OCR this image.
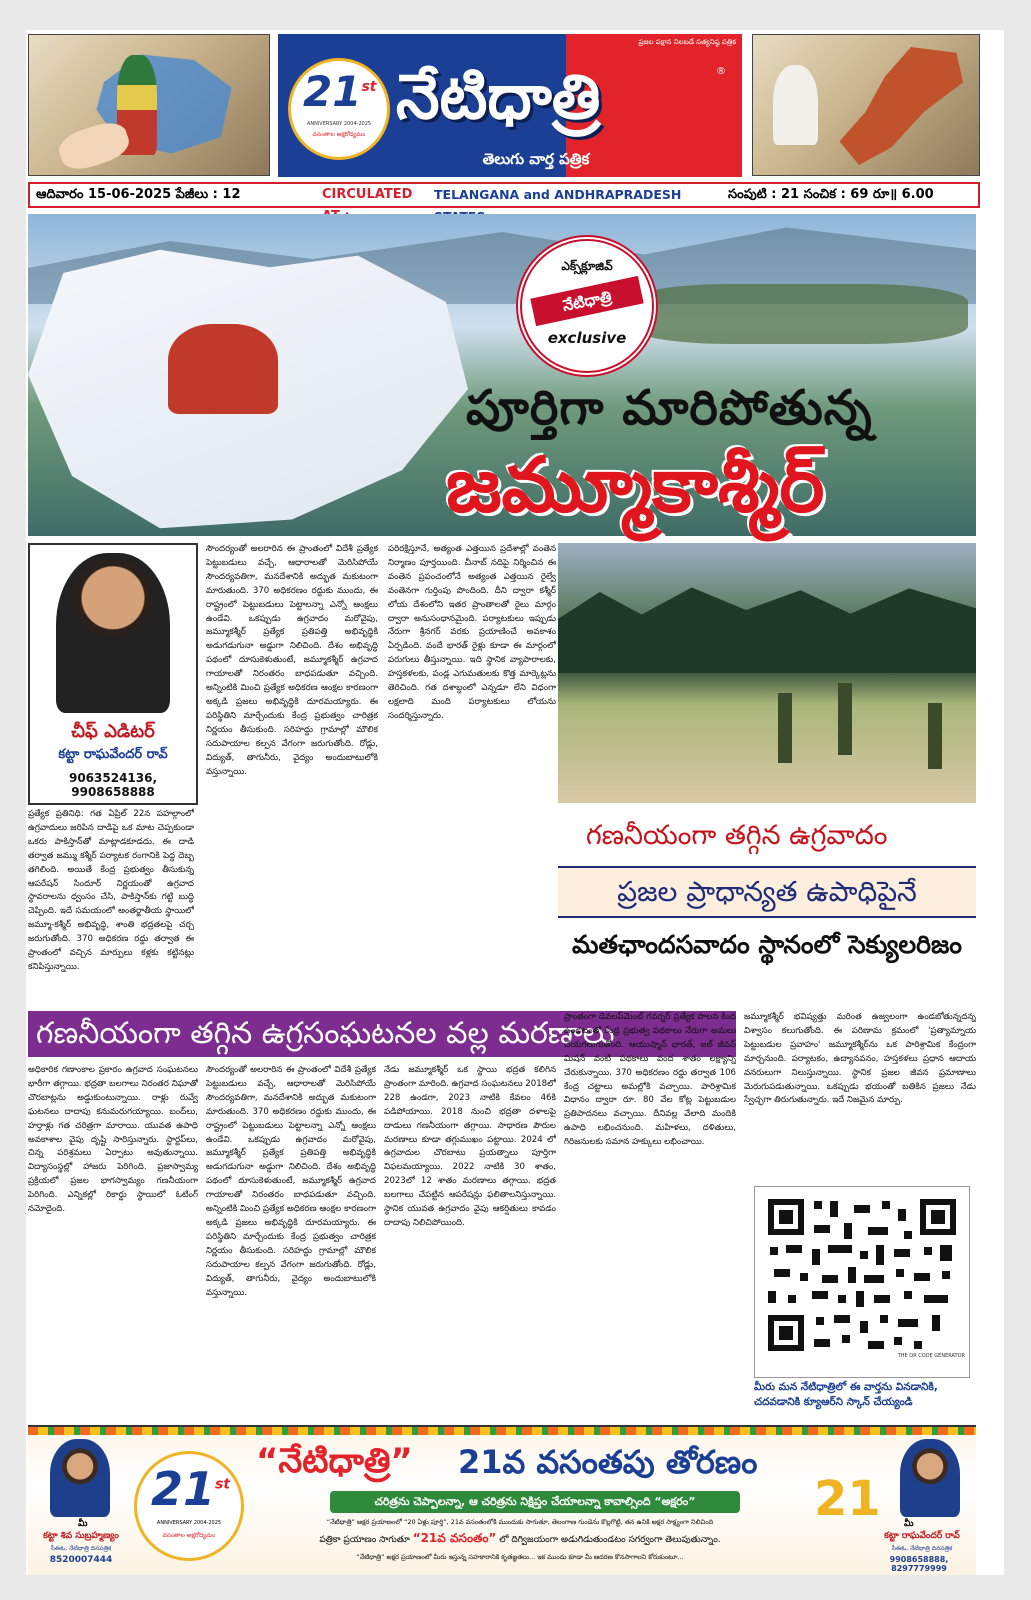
ప్రజల పక్షాన నిలబడే సత్యనిష్ఠ పత్రిక
21st
ANNIVERSARY 2004-2025
వసంతాల అక్షరోద్యమం
నేటిధాత్రి
తెలుగు వార్త పత్రిక
®
ఆదివారం 15-06-2025 పేజీలు : 12	CIRCULATED	TELANGANA and ANDHRAPRADESH	సంపుటి : 21 సంచిక : 69 రూ॥ 6.00
ఎక్స్‌క్లూజివ్
నేటిధాత్రి
exclusive
పూర్తిగా మారిపోతున్న
జమ్మూకాశ్మీర్
చీఫ్ ఎడిటర్
కట్టా రాఘవేందర్ రావ్
9063524136, 9908658888
ప్రత్యేక ప్రతినిధి: గత ఏప్రిల్ 22న పహల్గాంలో ఉగ్రవాదులు జరిపిన దాడిపై ఒక మాట చెప్పకుండా ఒకరు పాకిస్తాన్‌తో మాట్లాడకూడదు. ఈ దాడి తర్వాత జమ్ము కశ్మీర్ పర్యాటక రంగానికి పెద్ద దెబ్బ తగిలింది. అయితే కేంద్ర ప్రభుత్వం తీసుకున్న ఆపరేషన్ సిందూర్ నిర్ణయంతో ఉగ్రవాద స్థావరాలను ధ్వంసం చేసి, పాకిస్తాన్‌కు గట్టి బుద్ధి చెప్పింది. ఇదే సమయంలో అంతర్జాతీయ స్థాయిలో జమ్మూ-కశ్మీర్ అభివృద్ధి, శాంతి భద్రతలపై చర్చ జరుగుతోంది. 370 అధికరణ రద్దు తర్వాత ఈ ప్రాంతంలో వచ్చిన మార్పులు కళ్లకు కట్టినట్లు కనిపిస్తున్నాయి.
సౌందర్యంతో అలరారిన ఈ ప్రాంతంలో విదేశీ ప్రత్యేక పెట్టుబడులు వచ్చే, ఆధారాలతో మెరిసిపోయే సౌందర్యవతిగా, మనదేశానికి అద్భుత మకుటంగా మారుతుంది. 370 అధికరణం రద్దుకు ముందు, ఈ రాష్ట్రంలో పెట్టుబడులు పెట్టాలన్నా ఎన్నో ఆంక్షలు ఉండేవి. ఒకప్పుడు ఉగ్రవాదం మరోవైపు, జమ్మూకశ్మీర్ ప్రత్యేక ప్రతిపత్తి అభివృద్ధికి అడుగడుగునా అడ్డుగా నిలిచింది. దేశం అభివృద్ధి పథంలో దూసుకెళుతుంటే, జమ్మూకశ్మీర్ ఉగ్రవాద గాయాలతో నిరంతరం బాధపడుతూ వచ్చింది. అన్నింటికి మించి ప్రత్యేక అధికరణ ఆంక్షల కారణంగా అక్కడి ప్రజలు అభివృద్ధికి దూరమయ్యారు. ఈ పరిస్థితిని మార్చేందుకు కేంద్ర ప్రభుత్వం చారిత్రక నిర్ణయం తీసుకుంది. సరిహద్దు గ్రామాల్లో మౌలిక సదుపాయాల కల్పన వేగంగా జరుగుతోంది. రోడ్లు, విద్యుత్, తాగునీరు, వైద్యం అందుబాటులోకి వస్తున్నాయి.
పరిరక్షిస్తూనే, అత్యంత ఎత్తయిన ప్రదేశాల్లో వంతెన నిర్మాణం పూర్తయింది. చీనాబ్ నదిపై నిర్మించిన ఈ వంతెన ప్రపంచంలోనే అత్యంత ఎత్తయిన రైల్వే వంతెనగా గుర్తింపు పొందింది. దీని ద్వారా కశ్మీర్ లోయ దేశంలోని ఇతర ప్రాంతాలతో రైలు మార్గం ద్వారా అనుసంధానమైంది. పర్యాటకులు ఇప్పుడు నేరుగా శ్రీనగర్ వరకు ప్రయాణించే అవకాశం ఏర్పడింది. వందే భారత్ రైళ్లు కూడా ఈ మార్గంలో పరుగులు తీస్తున్నాయి. ఇది స్థానిక వ్యాపారాలకు, హస్తకళలకు, పండ్ల ఎగుమతులకు కొత్త మార్కెట్లను తెరిచింది. గత దశాబ్దంలో ఎన్నడూ లేని విధంగా లక్షలాది మంది పర్యాటకులు లోయను సందర్శిస్తున్నారు.
గణనీయంగా తగ్గిన ఉగ్రవాదం
ప్రజల ప్రాధాన్యత ఉపాధిపైనే
మతఛాందసవాదం స్థానంలో సెక్యులరిజం
గణనీయంగా తగ్గిన ఉగ్రసంఘటనల వల్ల మరణాలు
అధికారిక గణాంకాల ప్రకారం ఉగ్రవాద సంఘటనలు భారీగా తగ్గాయి. భద్రతా బలగాలు నిరంతర నిఘాతో చొరబాట్లను అడ్డుకుంటున్నాయి. రాళ్లు రువ్వే ఘటనలు దాదాపు కనుమరుగయ్యాయి. బంద్‌లు, హర్తాళ్లు గత చరిత్రగా మారాయి. యువత ఉపాధి అవకాశాల వైపు దృష్టి సారిస్తున్నారు. స్టార్టప్‌లు, చిన్న పరిశ్రమలు ఏర్పాటు అవుతున్నాయి. విద్యాసంస్థల్లో హాజరు పెరిగింది. ప్రజాస్వామ్య ప్రక్రియలో ప్రజల భాగస్వామ్యం గణనీయంగా పెరిగింది. ఎన్నికల్లో రికార్డు స్థాయిలో ఓటింగ్ నమోదైంది.
సౌందర్యంతో అలరారిన ఈ ప్రాంతంలో విదేశీ ప్రత్యేక పెట్టుబడులు వచ్చే, ఆధారాలతో మెరిసిపోయే సౌందర్యవతిగా, మనదేశానికి అద్భుత మకుటంగా మారుతుంది. 370 అధికరణం రద్దుకు ముందు, ఈ రాష్ట్రంలో పెట్టుబడులు పెట్టాలన్నా ఎన్నో ఆంక్షలు ఉండేవి. ఒకప్పుడు ఉగ్రవాదం మరోవైపు, జమ్మూకశ్మీర్ ప్రత్యేక ప్రతిపత్తి అభివృద్ధికి అడుగడుగునా అడ్డుగా నిలిచింది. దేశం అభివృద్ధి పథంలో దూసుకెళుతుంటే, జమ్మూకశ్మీర్ ఉగ్రవాద గాయాలతో నిరంతరం బాధపడుతూ వచ్చింది. అన్నింటికి మించి ప్రత్యేక అధికరణ ఆంక్షల కారణంగా అక్కడి ప్రజలు అభివృద్ధికి దూరమయ్యారు. ఈ పరిస్థితిని మార్చేందుకు కేంద్ర ప్రభుత్వం చారిత్రక నిర్ణయం తీసుకుంది. సరిహద్దు గ్రామాల్లో మౌలిక సదుపాయాల కల్పన వేగంగా జరుగుతోంది. రోడ్లు, విద్యుత్, తాగునీరు, వైద్యం అందుబాటులోకి వస్తున్నాయి.
నేడు జమ్మూకశ్మీర్ ఒక స్థాయి భద్రత కలిగిన ప్రాంతంగా మారింది. ఉగ్రవాద సంఘటనలు 2018లో 228 ఉండగా, 2023 నాటికి కేవలం 46కి పడిపోయాయి. 2018 నుంచి భద్రతా దళాలపై దాడులు గణనీయంగా తగ్గాయి. సాధారణ పౌరుల మరణాలు కూడా తగ్గుముఖం పట్టాయి. 2024 లో ఉగ్రవాదుల చొరబాటు ప్రయత్నాలు పూర్తిగా విఫలమయ్యాయి. 2022 నాటికి 30 శాతం, 2023లో 12 శాతం మరణాలు తగ్గాయి. భద్రత బలగాలు చేపట్టిన ఆపరేషన్లు ఫలితాలనిస్తున్నాయి. స్థానిక యువత ఉగ్రవాదం వైపు ఆకర్షితులు కావడం దాదాపు నిలిచిపోయింది.
ప్రాంతంగా డెవలప్‌మెంట్ గవర్నర్ ప్రత్యేక పాలన కింద ఉండటంతో కేంద్ర ప్రభుత్వ పథకాలు నేరుగా అమలు చేయగలుగుతోంది. ఆయుష్మాన్ భారత్, జల్ జీవన్ మిషన్ వంటి పథకాలు వంద శాతం లక్ష్యాన్ని చేరుకున్నాయి. 370 అధికరణం రద్దు తర్వాత 106 కేంద్ర చట్టాలు అమల్లోకి వచ్చాయి. పారిశ్రామిక విధానం ద్వారా రూ. 80 వేల కోట్ల పెట్టుబడుల ప్రతిపాదనలు వచ్చాయి. దీనివల్ల వేలాది మందికి ఉపాధి లభించనుంది. మహిళలు, దళితులు, గిరిజనులకు సమాన హక్కులు లభించాయి.
జమ్మూకశ్మీర్ భవిష్యత్తు మరింత ఉజ్వలంగా ఉండబోతున్నదన్న విశ్వాసం కలుగుతోంది. ఈ పరిణామ క్రమంలో 'ప్రత్యామ్నాయ పెట్టుబడుల ప్రవాహం' జమ్మూకశ్మీర్‌ను ఒక పారిశ్రామిక కేంద్రంగా మార్చనుంది. పర్యాటకం, ఉద్యానవనం, హస్తకళలు ప్రధాన ఆదాయ వనరులుగా నిలుస్తున్నాయి. స్థానిక ప్రజల జీవన ప్రమాణాలు మెరుగుపడుతున్నాయి. ఒకప్పుడు భయంతో బతికిన ప్రజలు నేడు స్వేచ్ఛగా తిరుగుతున్నారు. ఇదే నిజమైన మార్పు.
THE QR CODE GENERATOR
మీరు మన నేటిధాత్రిలో ఈ వార్తను వినడానికి, చదవడానికి క్యూఆర్‌ని స్కాన్ చేయ్యండి
మీ
కట్టా శివ సుబ్రహ్మణ్యం
సీఈఓ, నేటిధాత్రి దినపత్రిక
8520007444
21st
ANNIVERSARY 2004-2025
వసంతాల అక్షరోద్యమం
“నేటిధాత్రి” 21వ వసంతపు తోరణం
చరిత్రను చెప్పాలన్నా, ఆ చరిత్రను నిక్షిప్తం చేయాలన్నా కావాల్సింది “అక్షరం”
“నేటిధాత్రి” అక్షర ప్రయాణంలో “20 ఏళ్లు పూర్తి”, 21వ వసంతంలోకి ముందుకు సాగుతూ, తెలంగాణ గుండెను కొల్లగొట్టి, తన ఉనికి అక్షర సాక్ష్యంగా నిలిచింది
పత్రికా ప్రయాణం సాగుతూ “21వ వసంతం” లో దిగ్విజయంగా అడుగిడుతుండటం సగర్వంగా తెలుపుతున్నాం.
“నేటిధాత్రి” అక్షర ప్రయాణంలో మీరు ఇస్తున్న సహకారానికి కృతజ్ఞతలు... ఇక ముందు కూడా మీ ఆదరణ కొనసాగాలని కోరుకుంటూ...
21	మీ
కట్టా రాఘవేందర్ రావ్
సీఈఓ, నేటిధాత్రి దినపత్రిక
9908658888, 8297779999
